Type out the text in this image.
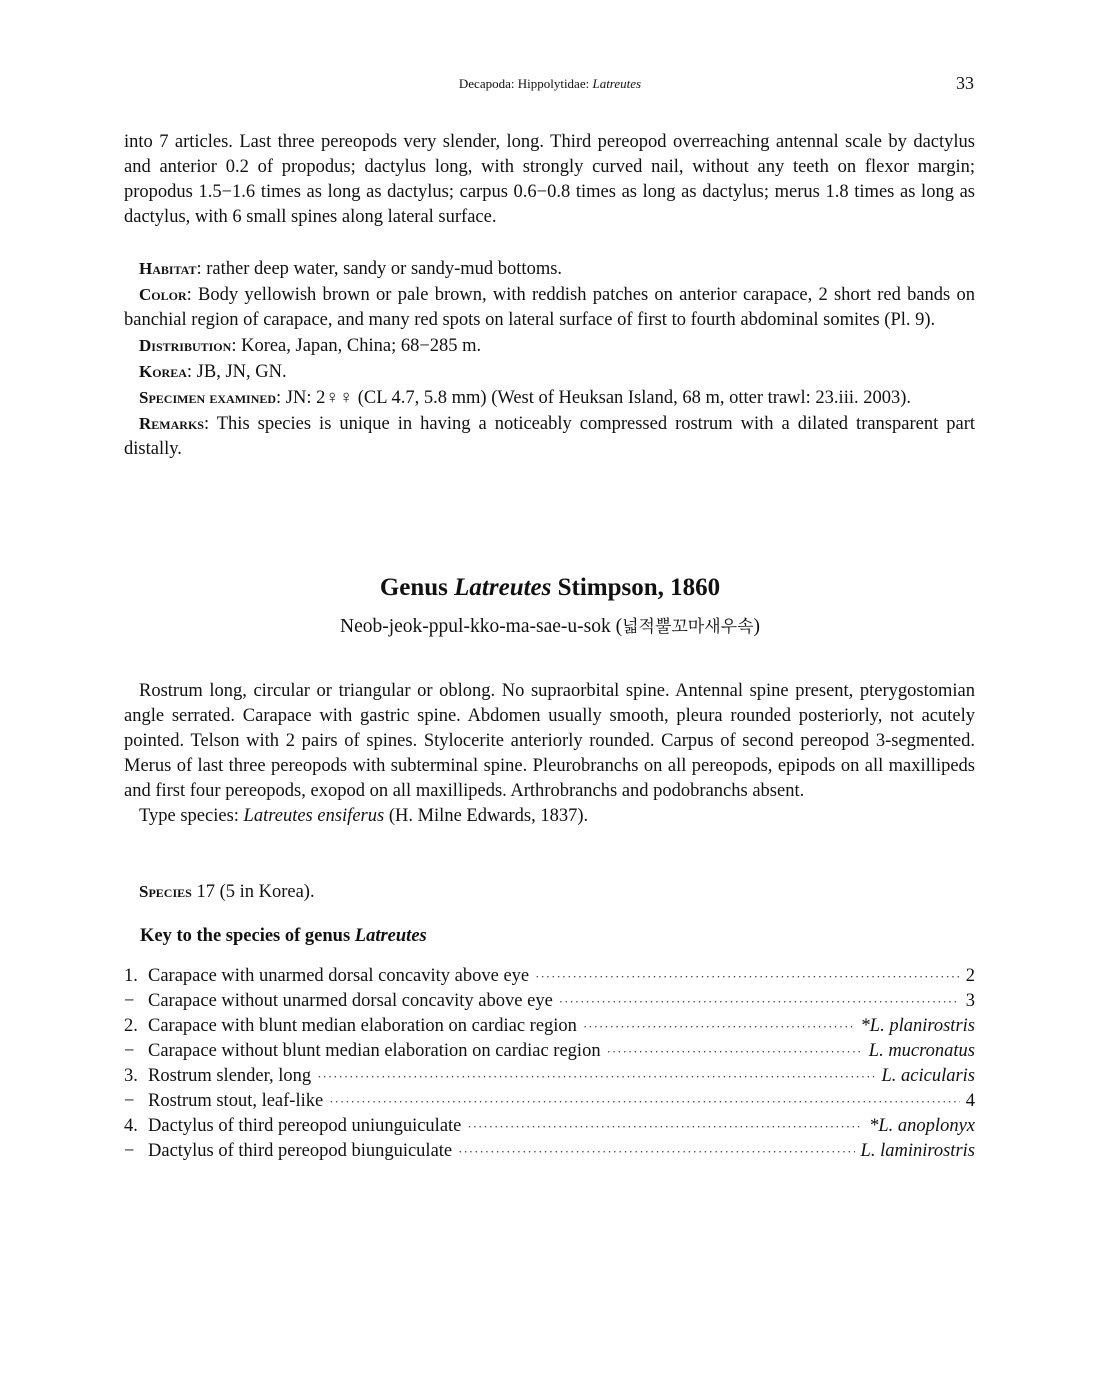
Decapoda: Hippolytidae: Latreutes	33
into 7 articles. Last three pereopods very slender, long. Third pereopod overreaching antennal scale by dactylus and anterior 0.2 of propodus; dactylus long, with strongly curved nail, without any teeth on flexor margin; propodus 1.5−1.6 times as long as dactylus; carpus 0.6−0.8 times as long as dactylus; merus 1.8 times as long as dactylus, with 6 small spines along lateral surface.
Habitat: rather deep water, sandy or sandy-mud bottoms.
Color: Body yellowish brown or pale brown, with reddish patches on anterior carapace, 2 short red bands on banchial region of carapace, and many red spots on lateral surface of first to fourth abdominal somites (Pl. 9).
Distribution: Korea, Japan, China; 68−285 m.
Korea: JB, JN, GN.
Specimen examined: JN: 2♀♀ (CL 4.7, 5.8 mm) (West of Heuksan Island, 68 m, otter trawl: 23.iii. 2003).
Remarks: This species is unique in having a noticeably compressed rostrum with a dilated transparent part distally.
Genus Latreutes Stimpson, 1860
Neob-jeok-ppul-kko-ma-sae-u-sok (넓적뿔꼬마새우속)
Rostrum long, circular or triangular or oblong. No supraorbital spine. Antennal spine present, pterygostomian angle serrated. Carapace with gastric spine. Abdomen usually smooth, pleura rounded posteriorly, not acutely pointed. Telson with 2 pairs of spines. Stylocerite anteriorly rounded. Carpus of second pereopod 3-segmented. Merus of last three pereopods with subterminal spine. Pleurobranchs on all pereopods, epipods on all maxillipeds and first four pereopods, exopod on all maxillipeds. Arthrobranchs and podobranchs absent.
Type species: Latreutes ensiferus (H. Milne Edwards, 1837).
Species 17 (5 in Korea).
Key to the species of genus Latreutes
1. Carapace with unarmed dorsal concavity above eye ·····	2
− Carapace without unarmed dorsal concavity above eye ·····	3
2. Carapace with blunt median elaboration on cardiac region ·····	*L. planirostris
− Carapace without blunt median elaboration on cardiac region ·····	L. mucronatus
3. Rostrum slender, long ·····	L. acicularis
− Rostrum stout, leaf-like ·····	4
4. Dactylus of third pereopod uniunguiculate ·····	*L. anoplonyx
− Dactylus of third pereopod biunguiculate ·····	L. laminirostris
